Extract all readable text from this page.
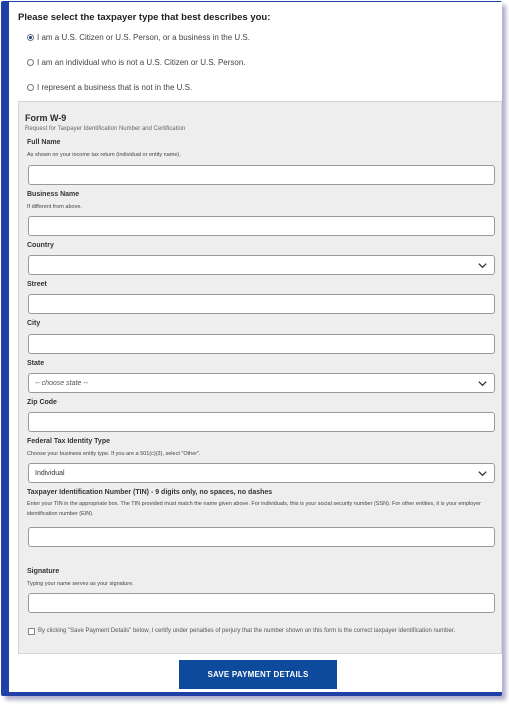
Please select the taxpayer type that best describes you:
I am a U.S. Citizen or U.S. Person, or a business in the U.S.
I am an individual who is not a U.S. Citizen or U.S. Person.
I represent a business that is not in the U.S.
Form W-9
Request for Taxpayer Identification Number and Certification
Full Name
As shown on your income tax return (individual or entity name).
Business Name
If different from above.
Country
Street
City
State
-- choose state --
Zip Code
Federal Tax Identity Type
Choose your business entity type. If you are a 501(c)(3), select "Other".
Individual
Taxpayer Identification Number (TIN) - 9 digits only, no spaces, no dashes
Enter your TIN in the appropriate box. The TIN provided must match the name given above. For individuals, this is your social security number (SSN). For other entities, it is your employer identification number (EIN).
Signature
Typing your name serves as your signature.
By clicking "Save Payment Details" below, I certify under penalties of perjury that the number shown on this form is the correct taxpayer identification number.
SAVE PAYMENT DETAILS
